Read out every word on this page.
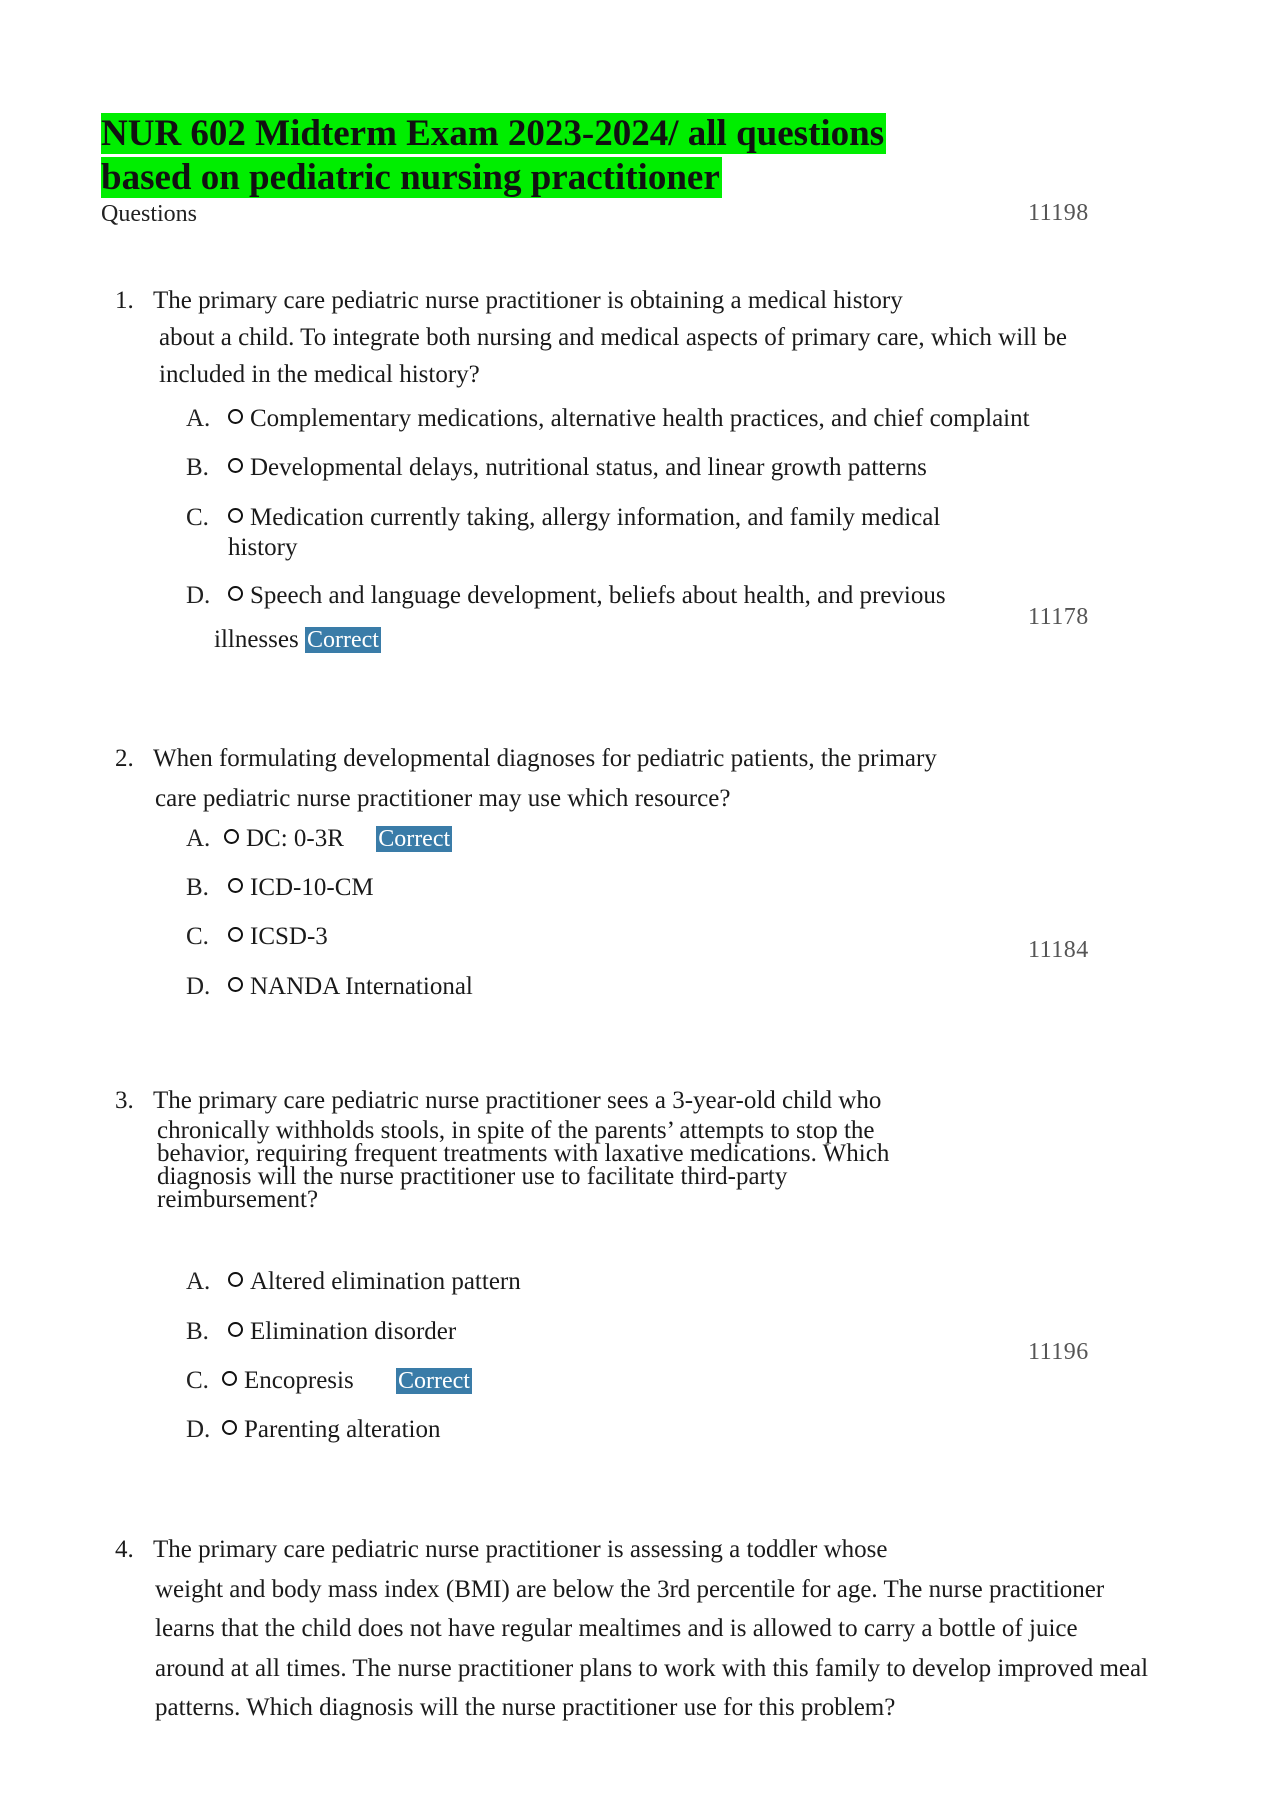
NUR 602 Midterm Exam 2023-2024/ all questions
based on pediatric nursing practitioner
Questions	11198
1. The primary care pediatric nurse practitioner is obtaining a medical history
about a child. To integrate both nursing and medical aspects of primary care, which will be
included in the medical history?
A. Complementary medications, alternative health practices, and chief complaint
B. Developmental delays, nutritional status, and linear growth patterns
C. Medication currently taking, allergy information, and family medical
history
D. Speech and language development, beliefs about health, and previous
illnesses Correct
11178
2. When formulating developmental diagnoses for pediatric patients, the primary
care pediatric nurse practitioner may use which resource?
A. DC: 0-3R Correct
B. ICD-10-CM
C. ICSD-3
D. NANDA International
11184
3. The primary care pediatric nurse practitioner sees a 3-year-old child who
chronically withholds stools, in spite of the parents’ attempts to stop the
behavior, requiring frequent treatments with laxative medications. Which
diagnosis will the nurse practitioner use to facilitate third-party
reimbursement?
A. Altered elimination pattern
B. Elimination disorder
C. Encopresis Correct
D. Parenting alteration
11196
4. The primary care pediatric nurse practitioner is assessing a toddler whose
weight and body mass index (BMI) are below the 3rd percentile for age. The nurse practitioner
learns that the child does not have regular mealtimes and is allowed to carry a bottle of juice
around at all times. The nurse practitioner plans to work with this family to develop improved meal
patterns. Which diagnosis will the nurse practitioner use for this problem?
